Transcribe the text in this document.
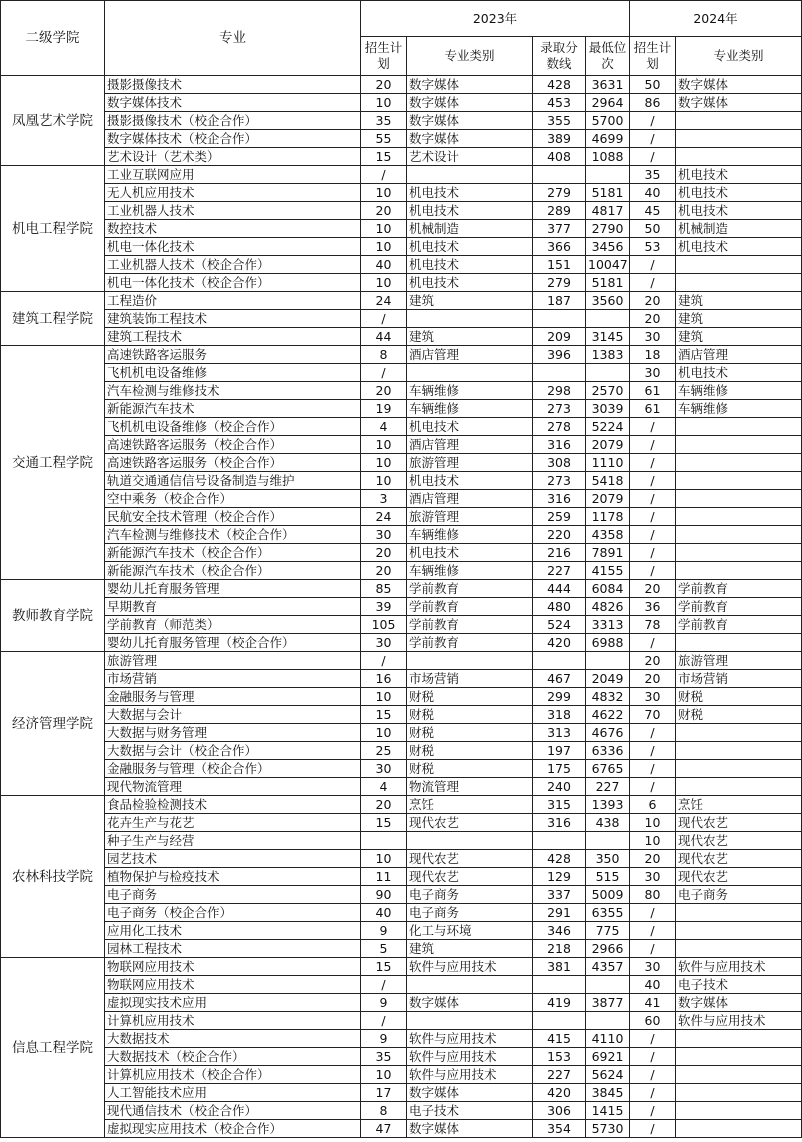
二级学院	专业	2023年				2024年	
		招生计划	专业类别	录取分数线	最低位次	招生计划	专业类别
凤凰艺术学院	摄影摄像技术	20	数字媒体	428	3631	50	数字媒体
	数字媒体技术	10	数字媒体	453	2964	86	数字媒体
	摄影摄像技术（校企合作）	35	数字媒体	355	5700	/	
	数字媒体技术（校企合作）	55	数字媒体	389	4699	/	
	艺术设计（艺术类）	15	艺术设计	408	1088	/	
机电工程学院	工业互联网应用	/				35	机电技术
	无人机应用技术	10	机电技术	279	5181	40	机电技术
	工业机器人技术	20	机电技术	289	4817	45	机电技术
	数控技术	10	机械制造	377	2790	50	机械制造
	机电一体化技术	10	机电技术	366	3456	53	机电技术
	工业机器人技术（校企合作）	40	机电技术	151	10047	/	
	机电一体化技术（校企合作）	10	机电技术	279	5181	/	
建筑工程学院	工程造价	24	建筑	187	3560	20	建筑
	建筑装饰工程技术	/				20	建筑
	建筑工程技术	44	建筑	209	3145	30	建筑
交通工程学院	高速铁路客运服务	8	酒店管理	396	1383	18	酒店管理
	飞机机电设备维修	/				30	机电技术
	汽车检测与维修技术	20	车辆维修	298	2570	61	车辆维修
	新能源汽车技术	19	车辆维修	273	3039	61	车辆维修
	飞机机电设备维修（校企合作）	4	机电技术	278	5224	/	
	高速铁路客运服务（校企合作）	10	酒店管理	316	2079	/	
	高速铁路客运服务（校企合作）	10	旅游管理	308	1110	/	
	轨道交通通信信号设备制造与维护	10	机电技术	273	5418	/	
	空中乘务（校企合作）	3	酒店管理	316	2079	/	
	民航安全技术管理（校企合作）	24	旅游管理	259	1178	/	
	汽车检测与维修技术（校企合作）	30	车辆维修	220	4358	/	
	新能源汽车技术（校企合作）	20	机电技术	216	7891	/	
	新能源汽车技术（校企合作）	20	车辆维修	227	4155	/	
教师教育学院	婴幼儿托育服务管理	85	学前教育	444	6084	20	学前教育
	早期教育	39	学前教育	480	4826	36	学前教育
	学前教育（师范类）	105	学前教育	524	3313	78	学前教育
	婴幼儿托育服务管理（校企合作）	30	学前教育	420	6988	/	
经济管理学院	旅游管理	/				20	旅游管理
	市场营销	16	市场营销	467	2049	20	市场营销
	金融服务与管理	10	财税	299	4832	30	财税
	大数据与会计	15	财税	318	4622	70	财税
	大数据与财务管理	10	财税	313	4676	/	
	大数据与会计（校企合作）	25	财税	197	6336	/	
	金融服务与管理（校企合作）	30	财税	175	6765	/	
	现代物流管理	4	物流管理	240	227	/	
农林科技学院	食品检验检测技术	20	烹饪	315	1393	6	烹饪
	花卉生产与花艺	15	现代农艺	316	438	10	现代农艺
	种子生产与经营					10	现代农艺
	园艺技术	10	现代农艺	428	350	20	现代农艺
	植物保护与检疫技术	11	现代农艺	129	515	30	现代农艺
	电子商务	90	电子商务	337	5009	80	电子商务
	电子商务（校企合作）	40	电子商务	291	6355	/	
	应用化工技术	9	化工与环境	346	775	/	
	园林工程技术	5	建筑	218	2966	/	
信息工程学院	物联网应用技术	15	软件与应用技术	381	4357	30	软件与应用技术
	物联网应用技术	/				40	电子技术
	虚拟现实技术应用	9	数字媒体	419	3877	41	数字媒体
	计算机应用技术	/				60	软件与应用技术
	大数据技术	9	软件与应用技术	415	4110	/	
	大数据技术（校企合作）	35	软件与应用技术	153	6921	/	
	计算机应用技术（校企合作）	10	软件与应用技术	227	5624	/	
	人工智能技术应用	17	数字媒体	420	3845	/	
	现代通信技术（校企合作）	8	电子技术	306	1415	/	
	虚拟现实应用技术（校企合作）	47	数字媒体	354	5730	/	
